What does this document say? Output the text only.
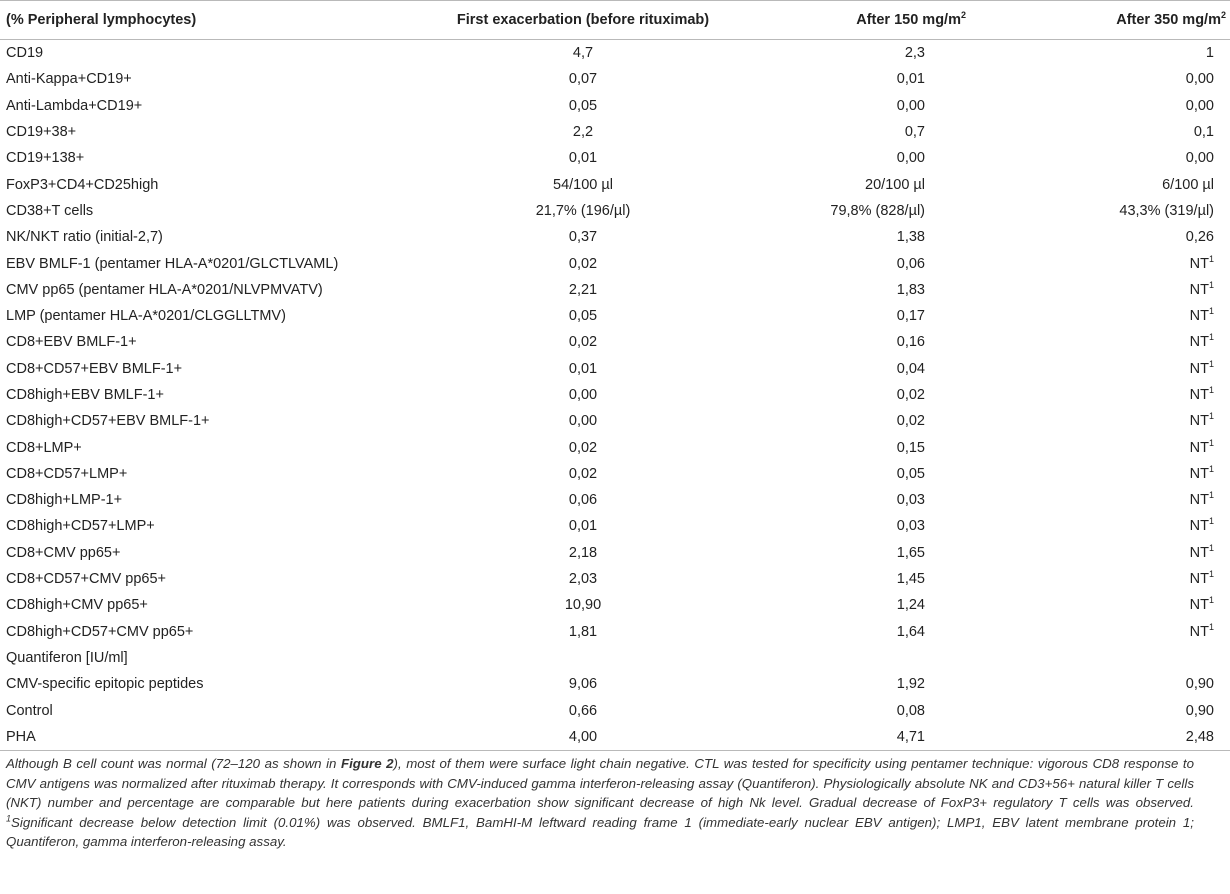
(% Peripheral lymphocytes)	First exacerbation (before rituximab)	After 150 $mg/m^2$	After 350 $mg/m^2$
CD19	4,7	2,3	1
Anti-Kappa+CD19+	0,07	0,01	0,00
Anti-Lambda+CD19+	0,05	0,00	0,00
CD19+38+	2,2	0,7	0,1
CD19+138+	0,01	0,00	0,00
FoxP3+CD4+CD25high	54/100 µl	20/100 µl	6/100 µl
CD38+T cells	21,7% (196/µl)	79,8% (828/µl)	43,3% (319/µl)
NK/NKT ratio (initial-2,7)	0,37	1,38	0,26
EBV BMLF-1 (pentamer HLA-A*0201/GLCTLVAML)	0,02	0,06	$NT^1$
CMV pp65 (pentamer HLA-A*0201/NLVPMVATV)	2,21	1,83	$NT^1$
LMP (pentamer HLA-A*0201/CLGGLLTMV)	0,05	0,17	$NT^1$
CD8+EBV BMLF-1+	0,02	0,16	$NT^1$
CD8+CD57+EBV BMLF-1+	0,01	0,04	$NT^1$
CD8high+EBV BMLF-1+	0,00	0,02	$NT^1$
CD8high+CD57+EBV BMLF-1+	0,00	0,02	$NT^1$
CD8+LMP+	0,02	0,15	$NT^1$
CD8+CD57+LMP+	0,02	0,05	$NT^1$
CD8high+LMP-1+	0,06	0,03	$NT^1$
CD8high+CD57+LMP+	0,01	0,03	$NT^1$
CD8+CMV pp65+	2,18	1,65	$NT^1$
CD8+CD57+CMV pp65+	2,03	1,45	$NT^1$
CD8high+CMV pp65+	10,90	1,24	$NT^1$
CD8high+CD57+CMV pp65+	1,81	1,64	$NT^1$
Quantiferon [IU/ml]			
CMV-specific epitopic peptides	9,06	1,92	0,90
Control	0,66	0,08	0,90
PHA	4,00	4,71	2,48
Although B cell count was normal (72–120 as shown in Figure 2), most of them were surface light chain negative. CTL was tested for specificity using pentamer technique: vigorous CD8 response to CMV antigens was normalized after rituximab therapy. It corresponds with CMV-induced gamma interferon-releasing assay (Quantiferon). Physiologically absolute NK and CD3+56+ natural killer T cells (NKT) number and percentage are comparable but here patients during exacerbation show significant decrease of high Nk level. Gradual decrease of FoxP3+ regulatory T cells was observed. $^1$Significant decrease below detection limit (0.01%) was observed. BMLF1, BamHI-M leftward reading frame 1 (immediate-early nuclear EBV antigen); LMP1, EBV latent membrane protein 1; Quantiferon, gamma interferon-releasing assay.
